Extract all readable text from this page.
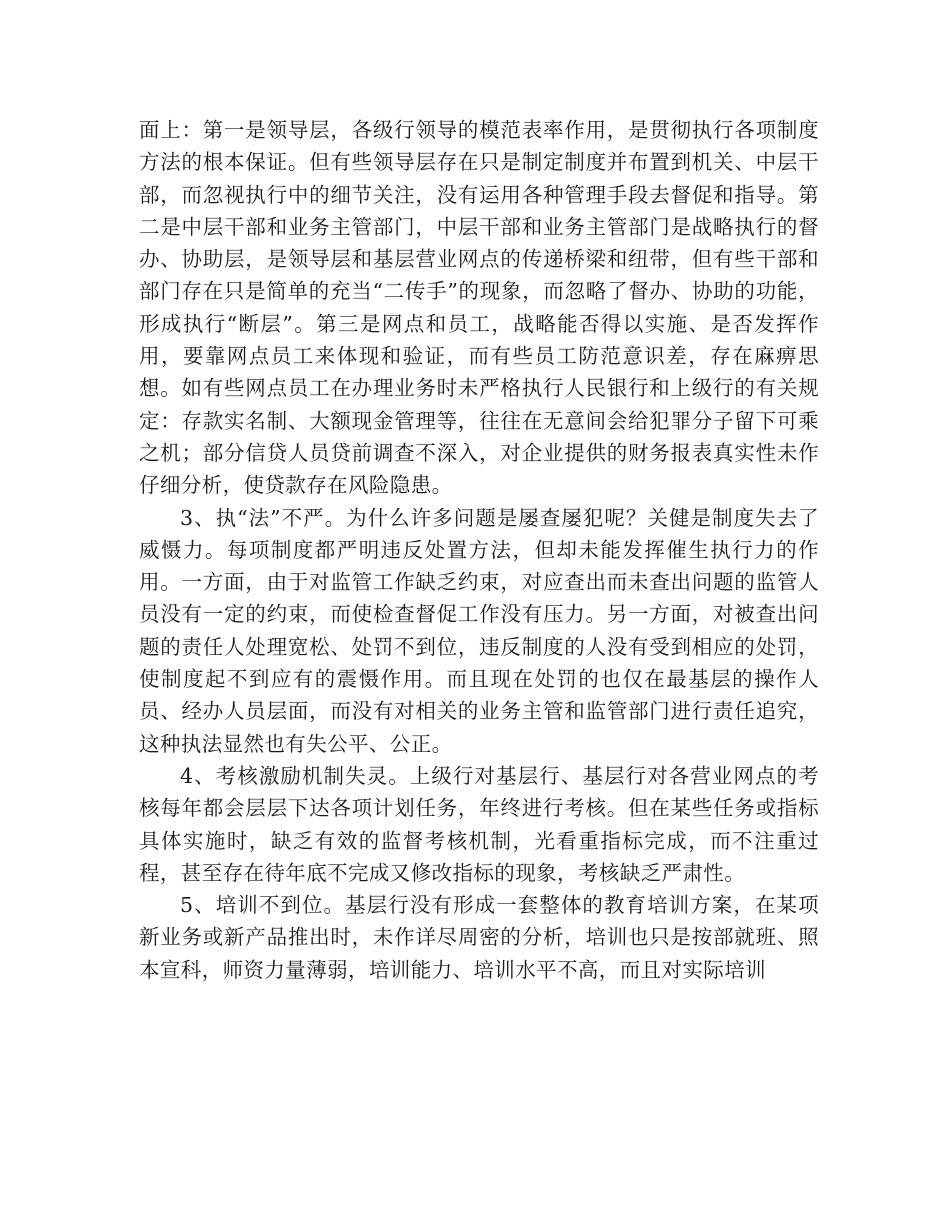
面上：第一是领导层，各级行领导的模范表率作用，是贯彻执行各项制度方法的根本保证。但有些领导层存在只是制定制度并布置到机关、中层干部，而忽视执行中的细节关注，没有运用各种管理手段去督促和指导。第二是中层干部和业务主管部门，中层干部和业务主管部门是战略执行的督办、协助层，是领导层和基层营业网点的传递桥梁和纽带，但有些干部和部门存在只是简单的充当“二传手”的现象，而忽略了督办、协助的功能，形成执行“断层”。第三是网点和员工，战略能否得以实施、是否发挥作用，要靠网点员工来体现和验证，而有些员工防范意识差，存在麻痹思想。如有些网点员工在办理业务时未严格执行人民银行和上级行的有关规定：存款实名制、大额现金管理等，往往在无意间会给犯罪分子留下可乘之机；部分信贷人员贷前调查不深入，对企业提供的财务报表真实性未作仔细分析，使贷款存在风险隐患。

3、执“法”不严。为什么许多问题是屡查屡犯呢？关健是制度失去了威慑力。每项制度都严明违反处置方法，但却未能发挥催生执行力的作用。一方面，由于对监管工作缺乏约束，对应查出而未查出问题的监管人员没有一定的约束，而使检查督促工作没有压力。另一方面，对被查出问题的责任人处理宽松、处罚不到位，违反制度的人没有受到相应的处罚，使制度起不到应有的震慑作用。而且现在处罚的也仅在最基层的操作人员、经办人员层面，而没有对相关的业务主管和监管部门进行责任追究，这种执法显然也有失公平、公正。

4、考核激励机制失灵。上级行对基层行、基层行对各营业网点的考核每年都会层层下达各项计划任务，年终进行考核。但在某些任务或指标具体实施时，缺乏有效的监督考核机制，光看重指标完成，而不注重过程，甚至存在待年底不完成又修改指标的现象，考核缺乏严肃性。

5、培训不到位。基层行没有形成一套整体的教育培训方案，在某项新业务或新产品推出时，未作详尽周密的分析，培训也只是按部就班、照本宣科，师资力量薄弱，培训能力、培训水平不高，而且对实际培训
